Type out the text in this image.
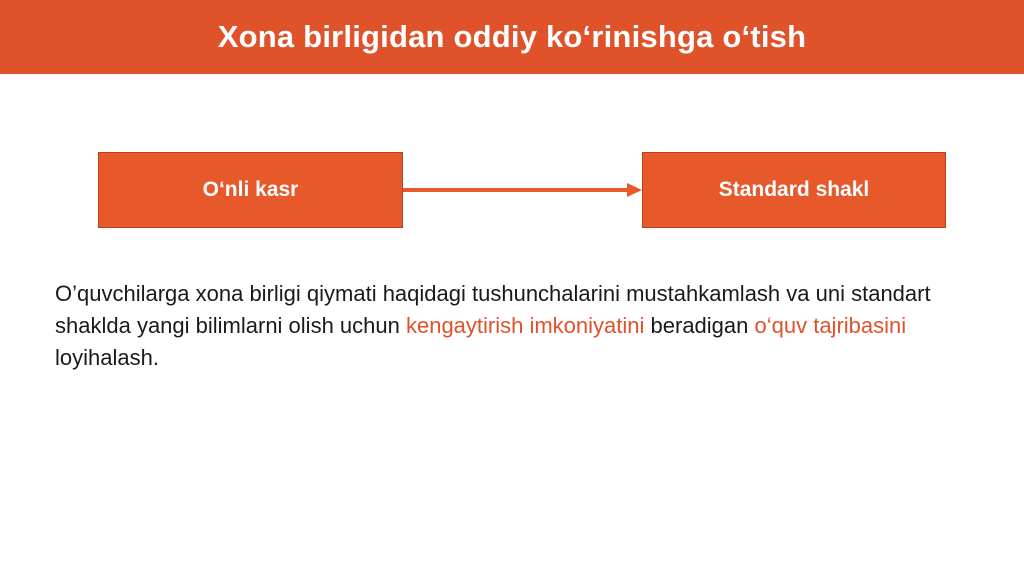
Xona birligidan oddiy ko‘rinishga o‘tish
O‘nli kasr	Standard shakl

O’quvchilarga xona birligi qiymati haqidagi tushunchalarini mustahkamlash va uni standart shaklda yangi bilimlarni olish uchun kengaytirish imkoniyatini beradigan o‘quv tajribasini loyihalash.
